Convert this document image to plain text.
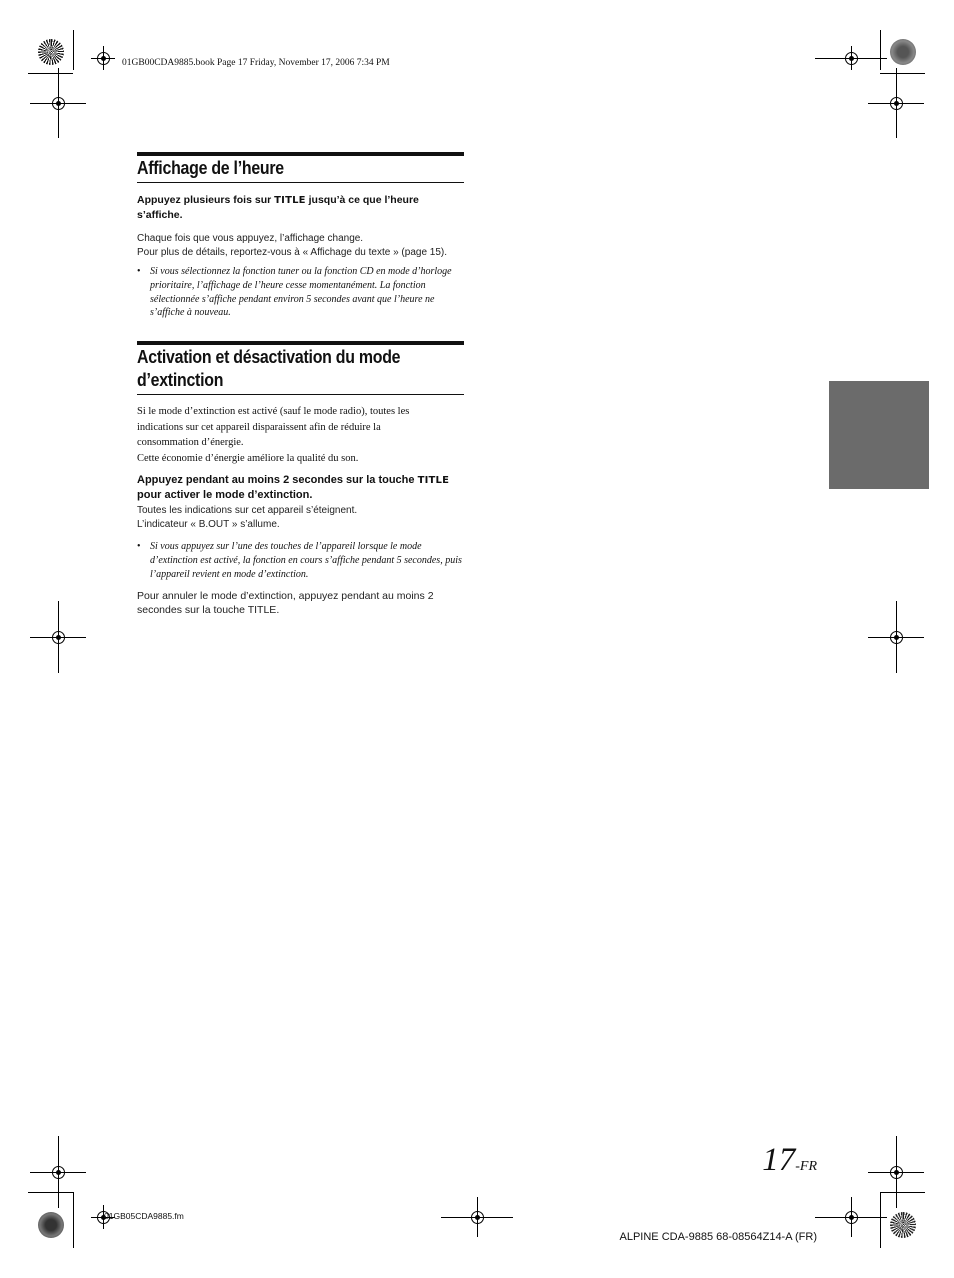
01GB00CDA9885.book Page 17 Friday, November 17, 2006 7:34 PM
01GB05CDA9885.fm
ALPINE CDA-9885 68-08564Z14-A (FR)
Affichage de l’heure
Appuyez plusieurs fois sur TITLE jusqu’à ce que l’heure s’affiche.
Chaque fois que vous appuyez, l’affichage change.
Pour plus de détails, reportez-vous à « Affichage du texte » (page 15).
• Si vous sélectionnez la fonction tuner ou la fonction CD en mode d’horloge prioritaire, l’affichage de l’heure cesse momentanément. La fonction sélectionnée s’affiche pendant environ 5 secondes avant que l’heure ne s’affiche à nouveau.
Activation et désactivation du mode
d’extinction
Si le mode d’extinction est activé (sauf le mode radio), toutes les indications sur cet appareil disparaissent afin de réduire la consommation d’énergie.
Cette économie d’énergie améliore la qualité du son.
Appuyez pendant au moins 2 secondes sur la touche TITLE pour activer le mode d’extinction.
Toutes les indications sur cet appareil s’éteignent.
L’indicateur « B.OUT » s’allume.
• Si vous appuyez sur l’une des touches de l’appareil lorsque le mode d’extinction est activé, la fonction en cours s’affiche pendant 5 secondes, puis l’appareil revient en mode d’extinction.
Pour annuler le mode d’extinction, appuyez pendant au moins 2 secondes sur la touche TITLE.
17-FR
